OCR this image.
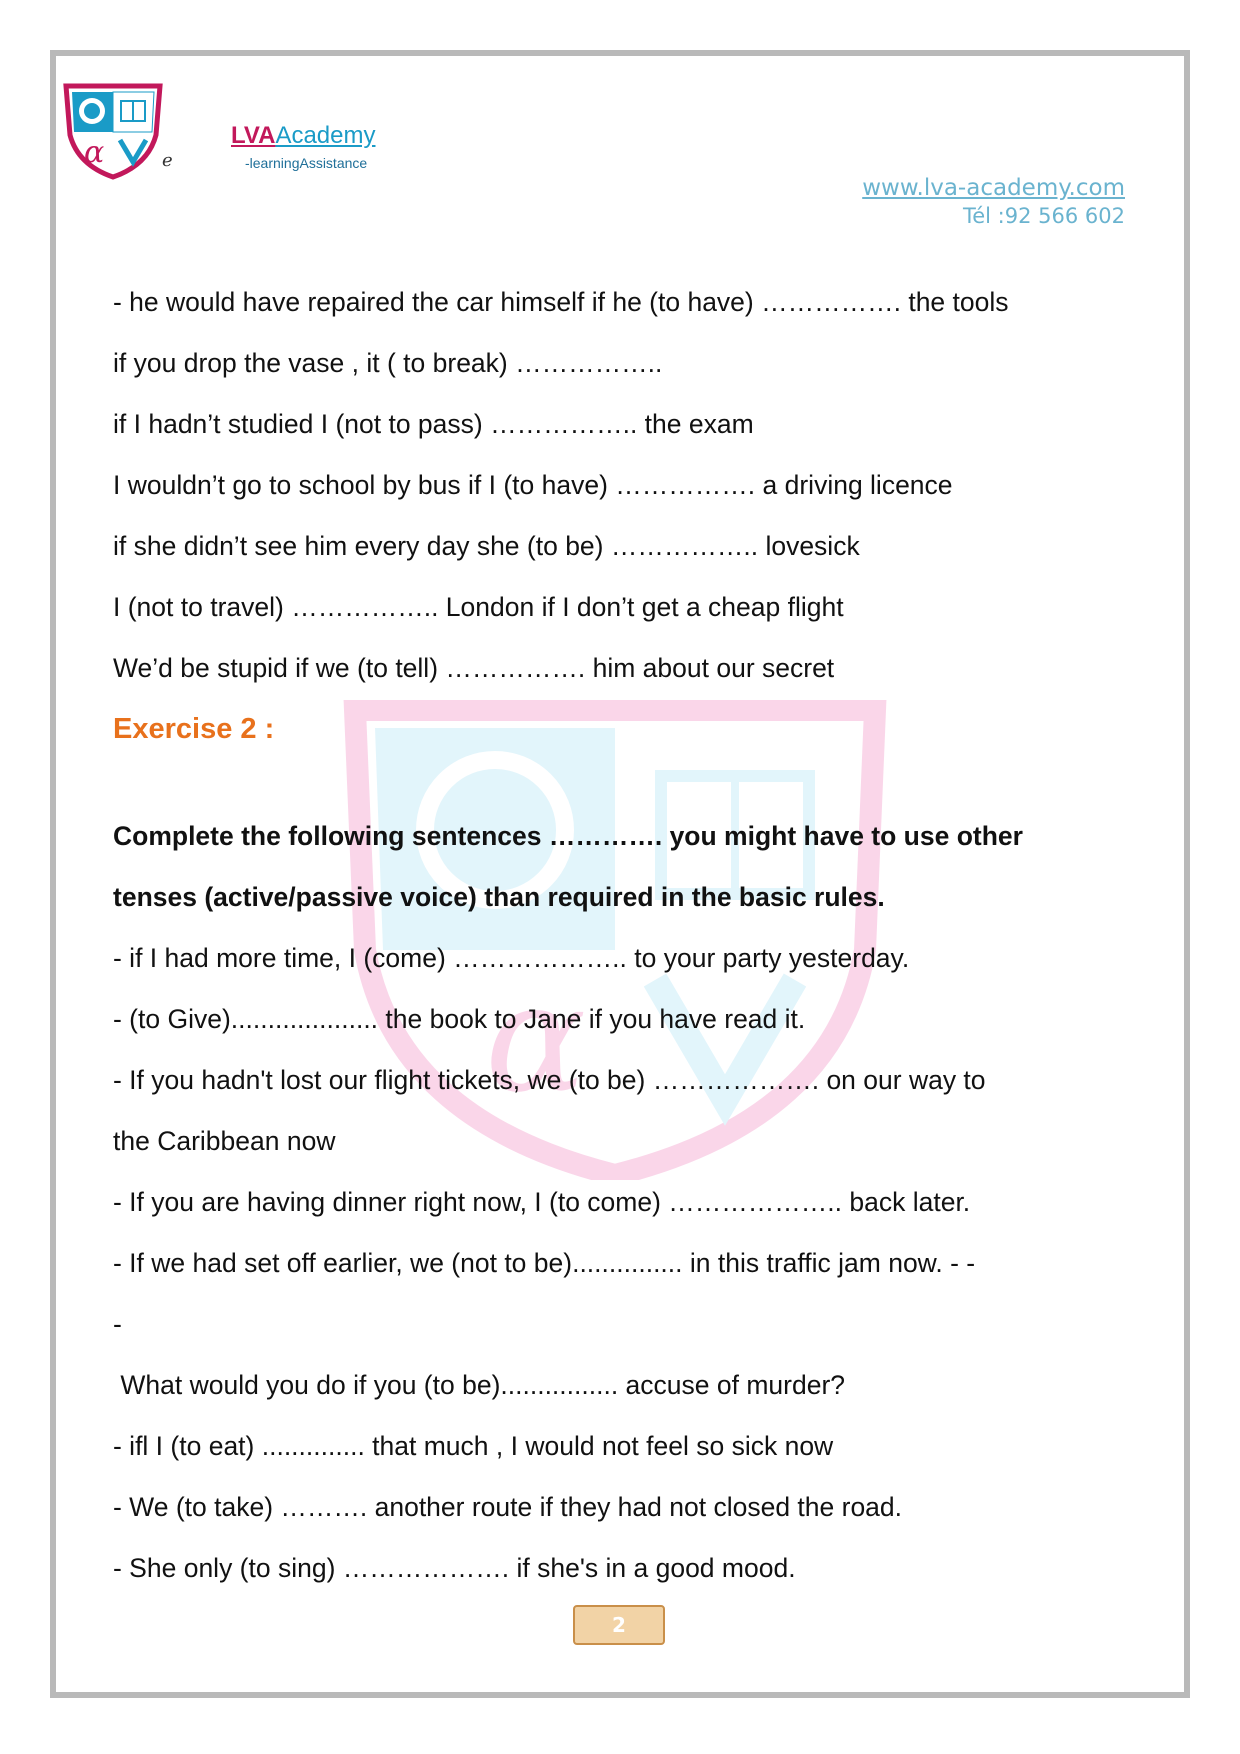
α	e
LVAAcademy
-learningAssistance
www.lva-academy.com
Tél :92 566 602
α
- he would have repaired the car himself if he (to have) ……………. the tools
if you drop the vase , it ( to break) ……………..
if I hadn’t studied I (not to pass) …………….. the exam
I wouldn’t go to school by bus if I (to have) ……………. a driving licence
if she didn’t see him every day she (to be) …………….. lovesick
I (not to travel) …………….. London if I don’t get a cheap flight
We’d be stupid if we (to tell) ……………. him about our secret
Exercise 2 :
Complete the following sentences …………. you might have to use other
tenses (active/passive voice) than required in the basic rules.
- if I had more time, I (come) ……………….. to your party yesterday.
- (to Give).................... the book to Jane if you have read it.
- If you hadn't lost our flight tickets, we (to be) ………………. on our way to
the Caribbean now
- If you are having dinner right now, I (to come) ……………….. back later.
- If we had set off earlier, we (not to be)............... in this traffic jam now. - -
-
What would you do if you (to be)................ accuse of murder?
- ifl I (to eat) .............. that much , I would not feel so sick now
- We (to take) ………. another route if they had not closed the road.
- She only (to sing) ………………. if she's in a good mood.
2
